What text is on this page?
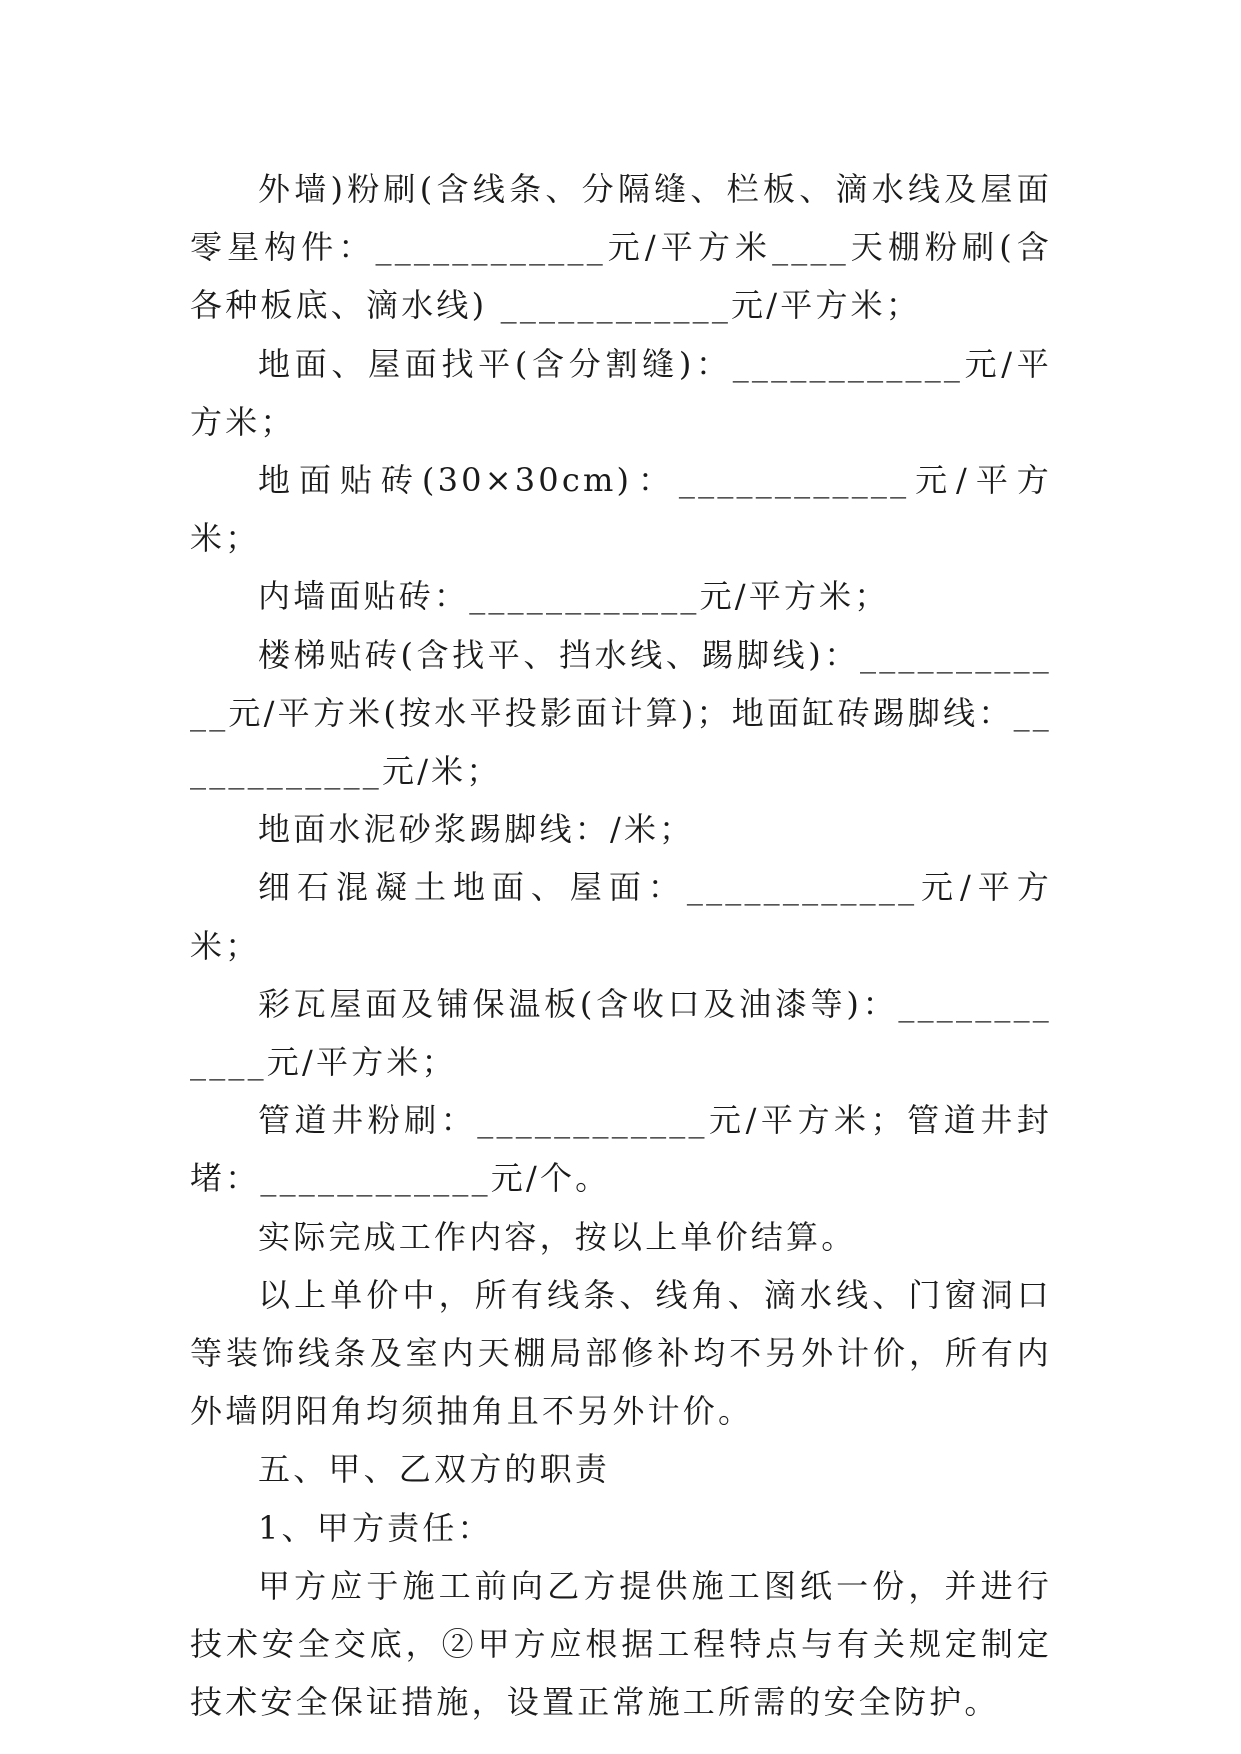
外墙)粉刷(含线条、分隔缝、栏板、滴水线及屋面零星构件：____________元/平方米____天棚粉刷(含各种板底、滴水线) ____________元/平方米；

地面、屋面找平(含分割缝)：____________元/平方米；

地面贴砖(30×30cm)：____________元/平方米；

内墙面贴砖：____________元/平方米；

楼梯贴砖(含找平、挡水线、踢脚线)：____________元/平方米(按水平投影面计算)；地面缸砖踢脚线：____________元/米；

地面水泥砂浆踢脚线：/米；

细石混凝土地面、屋面：____________元/平方米；

彩瓦屋面及铺保温板(含收口及油漆等)：____________元/平方米；

管道井粉刷：____________元/平方米；管道井封堵：____________元/个。

实际完成工作内容，按以上单价结算。

以上单价中，所有线条、线角、滴水线、门窗洞口等装饰线条及室内天棚局部修补均不另外计价，所有内外墙阴阳角均须抽角且不另外计价。

五、甲、乙双方的职责

1、甲方责任：

甲方应于施工前向乙方提供施工图纸一份，并进行技术安全交底，②甲方应根据工程特点与有关规定制定技术安全保证措施，设置正常施工所需的安全防护。
